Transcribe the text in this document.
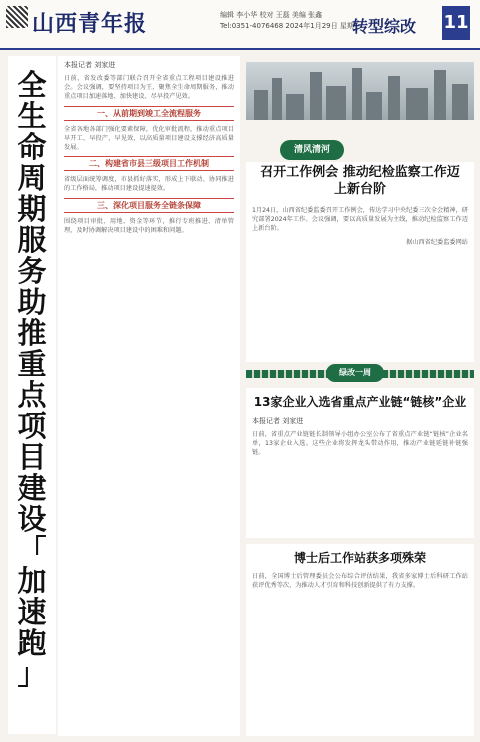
山西青年报	编辑 李小华 校对 王磊 美编 张鑫
Tel:0351-4076468 2024年1月29日 星期一
转型综改 11
全
生
命
周
期
服
务
助
推
重
点
项
目
建
设
「
加
速
跑
」
本报记者 刘家进
日前，省发改委等部门联合召开全省重点工程项目建设推进会。会议强调，要坚持项目为王，聚焦全生命周期服务，推动重点项目加速落地、加快建设、尽早投产见效。
一、从前期到竣工全流程服务
全省各地各部门强化要素保障，优化审批流程，推动重点项目早开工、早投产、早见效，以高质量项目建设支撑经济高质量发展。
二、构建省市县三级项目工作机制
省级层面统筹调度，市县抓好落实，形成上下联动、协同推进的工作格局，推动项目建设提速提效。
三、深化项目服务全链条保障
围绕项目审批、用地、资金等环节，推行专班推进、清单管理，及时协调解决项目建设中的困难和问题。
清风清河
召开工作例会 推动纪检监察工作迈上新台阶
1月24日，山西省纪委监委召开工作例会，传达学习中央纪委三次全会精神，研究部署2024年工作。会议强调，要以高质量发展为主线，推动纪检监察工作迈上新台阶。
据山西省纪委监委网站
绿改一周
13家企业入选省重点产业链“链核”企业
本报记者 刘家进
日前，省重点产业链链长制领导小组办公室公布了省重点产业链“链核”企业名单，13家企业入选。这些企业将发挥龙头带动作用，推动产业链延链补链强链。
博士后工作站获多项殊荣
日前，全国博士后管理委员会公布综合评估结果，我省多家博士后科研工作站获评优秀等次，为推动人才引育和科技创新提供了有力支撑。
